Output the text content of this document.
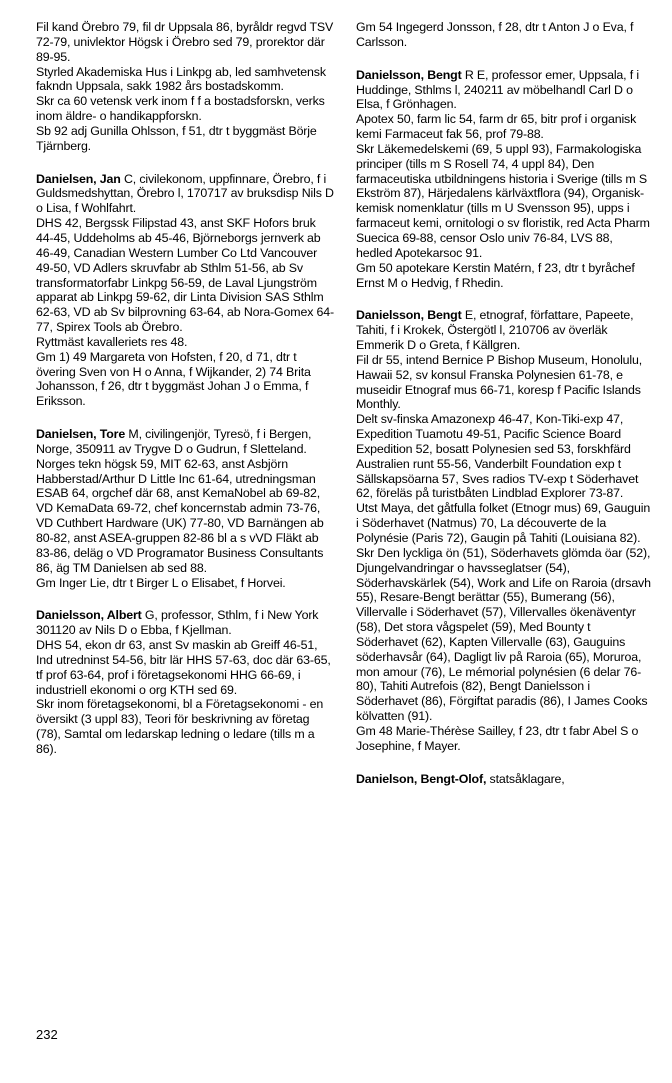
Fil kand Örebro 79, fil dr Uppsala 86, byråldr regvd TSV 72-79, univlektor Högsk i Örebro sed 79, prorektor där 89-95.

Styrled Akademiska Hus i Linkpg ab, led samhvetensk fakndn Uppsala, sakk 1982 års bostadskomm.

Skr ca 60 vetensk verk inom f f a bostadsforskn, verks inom äldre- o handikappforskn.

Sb 92 adj Gunilla Ohlsson, f 51, dtr t byggmäst Börje Tjärnberg.

Danielsen, Jan C, civilekonom, uppfinnare, Örebro, f i Guldsmedshyttan, Örebro l, 170717 av bruksdisp Nils D o Lisa, f Wohlfahrt.

DHS 42, Bergssk Filipstad 43, anst SKF Hofors bruk 44-45, Uddeholms ab 45-46, Björneborgs jernverk ab 46-49, Canadian Western Lumber Co Ltd Vancouver 49-50, VD Adlers skruvfabr ab Sthlm 51-56, ab Sv transformatorfabr Linkpg 56-59, de Laval Ljungström apparat ab Linkpg 59-62, dir Linta Division SAS Sthlm 62-63, VD ab Sv bilprovning 63-64, ab Nora-Gomex 64-77, Spirex Tools ab Örebro.

Ryttmäst kavalleriets res 48.

Gm 1) 49 Margareta von Hofsten, f 20, d 71, dtr t övering Sven von H o Anna, f Wijkander, 2) 74 Brita Johansson, f 26, dtr t byggmäst Johan J o Emma, f Eriksson.

Danielsen, Tore M, civilingenjör, Tyresö, f i Bergen, Norge, 350911 av Trygve D o Gudrun, f Sletteland.

Norges tekn högsk 59, MIT 62-63, anst Asbjörn Habberstad/Arthur D Little Inc 61-64, utredningsman ESAB 64, orgchef där 68, anst KemaNobel ab 69-82, VD KemaData 69-72, chef koncernstab admin 73-76, VD Cuthbert Hardware (UK) 77-80, VD Barnängen ab 80-82, anst ASEA-gruppen 82-86 bl a s vVD Fläkt ab 83-86, deläg o VD Programator Business Consultants 86, äg TM Danielsen ab sed 88.

Gm Inger Lie, dtr t Birger L o Elisabet, f Horvei.

Danielsson, Albert G, professor, Sthlm, f i New York 301120 av Nils D o Ebba, f Kjellman.

DHS 54, ekon dr 63, anst Sv maskin ab Greiff 46-51, Ind utredninst 54-56, bitr lär HHS 57-63, doc där 63-65, tf prof 63-64, prof i företagsekonomi HHG 66-69, i industriell ekonomi o org KTH sed 69.

Skr inom företagsekonomi, bl a Företagsekonomi - en översikt (3 uppl 83), Teori för beskrivning av företag (78), Samtal om ledarskap ledning o ledare (tills m a 86).

Gm 54 Ingegerd Jonsson, f 28, dtr t Anton J o Eva, f Carlsson.

Danielsson, Bengt R E, professor emer, Uppsala, f i Huddinge, Sthlms l, 240211 av möbelhandl Carl D o Elsa, f Grönhagen.

Apotex 50, farm lic 54, farm dr 65, bitr prof i organisk kemi Farmaceut fak 56, prof 79-88.

Skr Läkemedelskemi (69, 5 uppl 93), Farmakologiska principer (tills m S Rosell 74, 4 uppl 84), Den farmaceutiska utbildningens historia i Sverige (tills m S Ekström 87), Härjedalens kärlväxtflora (94), Organisk-kemisk nomenklatur (tills m U Svensson 95), upps i farmaceut kemi, ornitologi o sv floristik, red Acta Pharm Suecica 69-88, censor Oslo univ 76-84, LVS 88, hedled Apotekarsoc 91.

Gm 50 apotekare Kerstin Matérn, f 23, dtr t byråchef Ernst M o Hedvig, f Rhedin.

Danielsson, Bengt E, etnograf, författare, Papeete, Tahiti, f i Krokek, Östergötl l, 210706 av överläk Emmerik D o Greta, f Källgren.

Fil dr 55, intend Bernice P Bishop Museum, Honolulu, Hawaii 52, sv konsul Franska Polynesien 61-78, e museidir Etnograf mus 66-71, koresp f Pacific Islands Monthly.

Delt sv-finska Amazonexp 46-47, Kon-Tiki-exp 47, Expedition Tuamotu 49-51, Pacific Science Board Expedition 52, bosatt Polynesien sed 53, forskhfärd Australien runt 55-56, Vanderbilt Foundation exp t Sällskapsöarna 57, Sves radios TV-exp t Söderhavet 62, föreläs på turistbåten Lindblad Explorer 73-87.

Utst Maya, det gåtfulla folket (Etnogr mus) 69, Gauguin i Söderhavet (Natmus) 70, La découverte de la Polynésie (Paris 72), Gaugin på Tahiti (Louisiana 82).

Skr Den lyckliga ön (51), Söderhavets glömda öar (52), Djungelvandringar o havsseglatser (54), Söderhavskärlek (54), Work and Life on Raroia (drsavh 55), Resare-Bengt berättar (55), Bumerang (56), Villervalle i Söderhavet (57), Villervalles ökenäventyr (58), Det stora vågspelet (59), Med Bounty t Söderhavet (62), Kapten Villervalle (63), Gauguins söderhavsår (64), Dagligt liv på Raroia (65), Moruroa, mon amour (76), Le mémorial polynésien (6 delar 76-80), Tahiti Autrefois (82), Bengt Danielsson i Söderhavet (86), Förgiftat paradis (86), I James Cooks kölvatten (91).

Gm 48 Marie-Thérèse Sailley, f 23, dtr t fabr Abel S o Josephine, f Mayer.

Danielson, Bengt-Olof, statsåklagare,

232
